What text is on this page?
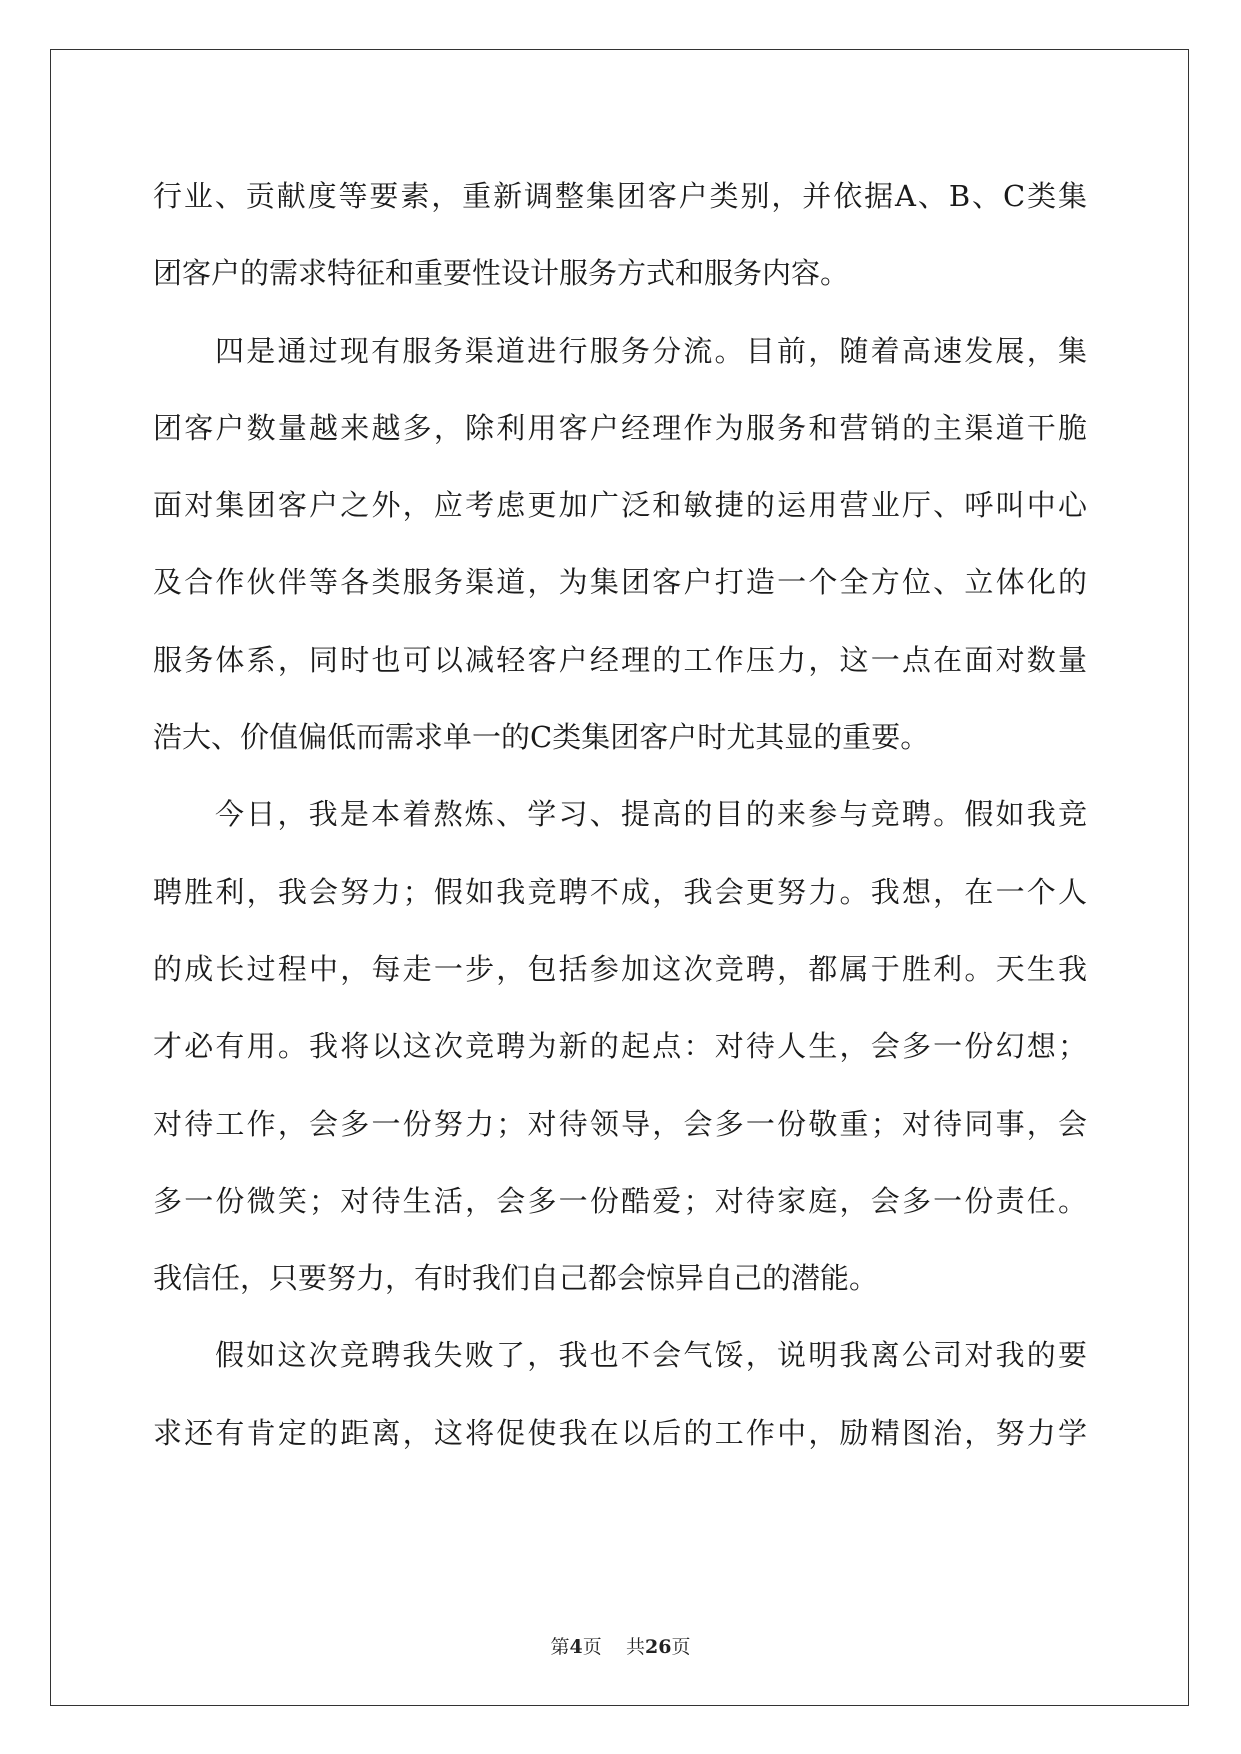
行业、贡献度等要素，重新调整集团客户类别，并依据A、B、C类集
团客户的需求特征和重要性设计服务方式和服务内容。
四是通过现有服务渠道进行服务分流。目前，随着高速发展，集
团客户数量越来越多，除利用客户经理作为服务和营销的主渠道干脆
面对集团客户之外，应考虑更加广泛和敏捷的运用营业厅、呼叫中心
及合作伙伴等各类服务渠道，为集团客户打造一个全方位、立体化的
服务体系，同时也可以减轻客户经理的工作压力，这一点在面对数量
浩大、价值偏低而需求单一的C类集团客户时尤其显的重要。
今日，我是本着熬炼、学习、提高的目的来参与竞聘。假如我竞
聘胜利，我会努力；假如我竞聘不成，我会更努力。我想，在一个人
的成长过程中，每走一步，包括参加这次竞聘，都属于胜利。天生我
才必有用。我将以这次竞聘为新的起点：对待人生，会多一份幻想；
对待工作，会多一份努力；对待领导，会多一份敬重；对待同事，会
多一份微笑；对待生活，会多一份酷爱；对待家庭，会多一份责任。
我信任，只要努力，有时我们自己都会惊异自己的潜能。
假如这次竞聘我失败了，我也不会气馁，说明我离公司对我的要
求还有肯定的距离，这将促使我在以后的工作中，励精图治，努力学
第4页 共26页
